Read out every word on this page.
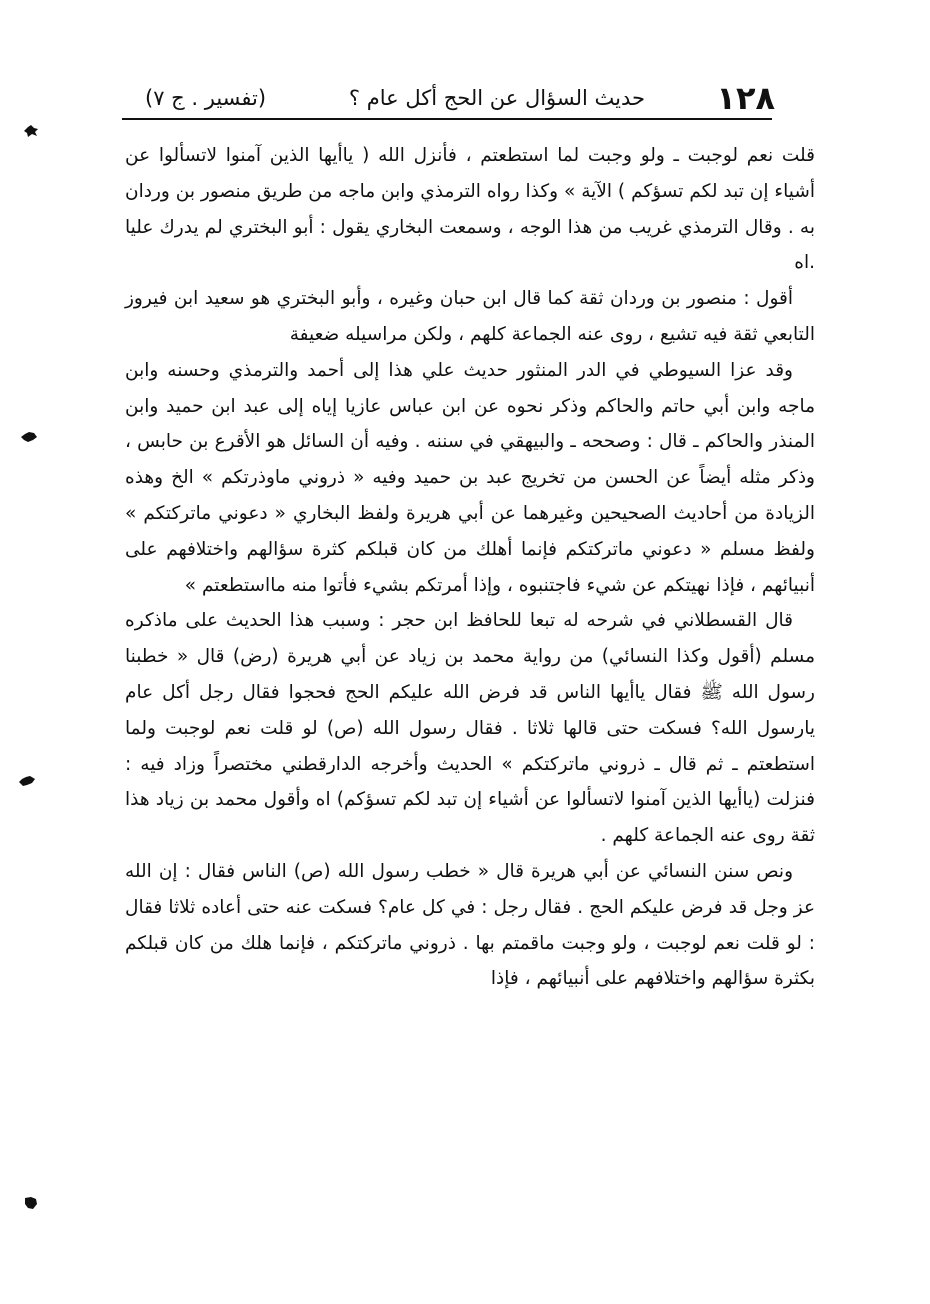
١٢٨
حديث السؤال عن الحج أكل عام ؟
(تفسير . ج ٧)

قلت نعم لوجبت ـ ولو وجبت لما استطعتم ، فأنزل الله ( ياأيها الذين آمنوا لاتسألوا عن أشياء إن تبد لكم تسؤكم ) الآية » وكذا رواه الترمذي وابن ماجه من طريق منصور بن وردان به . وقال الترمذي غريب من هذا الوجه ، وسمعت البخاري يقول : أبو البختري لم يدرك عليا .اه

أقول : منصور بن وردان ثقة كما قال ابن حبان وغيره ، وأبو البختري هو سعيد ابن فيروز التابعي ثقة فيه تشيع ، روى عنه الجماعة كلهم ، ولكن مراسيله ضعيفة

وقد عزا السيوطي في الدر المنثور حديث علي هذا إلى أحمد والترمذي وحسنه وابن ماجه وابن أبي حاتم والحاكم وذكر نحوه عن ابن عباس عازيا إياه إلى عبد ابن حميد وابن المنذر والحاكم ـ قال : وصححه ـ والبيهقي في سننه . وفيه أن السائل هو الأقرع بن حابس ، وذكر مثله أيضاً عن الحسن من تخريج عبد بن حميد وفيه « ذروني ماوذرتكم » الخ وهذه الزيادة من أحاديث الصحيحين وغيرهما عن أبي هريرة ولفظ البخاري « دعوني ماتركتكم » ولفظ مسلم « دعوني ماتركتكم فإنما أهلك من كان قبلكم كثرة سؤالهم واختلافهم على أنبيائهم ، فإذا نهيتكم عن شيء فاجتنبوه ، وإذا أمرتكم بشيء فأتوا منه مااستطعتم »

قال القسطلاني في شرحه له تبعا للحافظ ابن حجر : وسبب هذا الحديث على ماذكره مسلم (أقول وكذا النسائي) من رواية محمد بن زياد عن أبي هريرة (رض) قال « خطبنا رسول الله ﷺ فقال ياأيها الناس قد فرض الله عليكم الحج فحجوا فقال رجل أكل عام يارسول الله؟ فسكت حتى قالها ثلاثا . فقال رسول الله (ص) لو قلت نعم لوجبت ولما استطعتم ـ ثم قال ـ ذروني ماتركتكم » الحديث وأخرجه الدارقطني مختصراً وزاد فيه : فنزلت (ياأيها الذين آمنوا لاتسألوا عن أشياء إن تبد لكم تسؤكم) اه وأقول محمد بن زياد هذا ثقة روى عنه الجماعة كلهم .

ونص سنن النسائي عن أبي هريرة قال « خطب رسول الله (ص) الناس فقال : إن الله عز وجل قد فرض عليكم الحج . فقال رجل : في كل عام؟ فسكت عنه حتى أعاده ثلاثا فقال : لو قلت نعم لوجبت ، ولو وجبت ماقمتم بها . ذروني ماتركتكم ، فإنما هلك من كان قبلكم بكثرة سؤالهم واختلافهم على أنبيائهم ، فإذا
